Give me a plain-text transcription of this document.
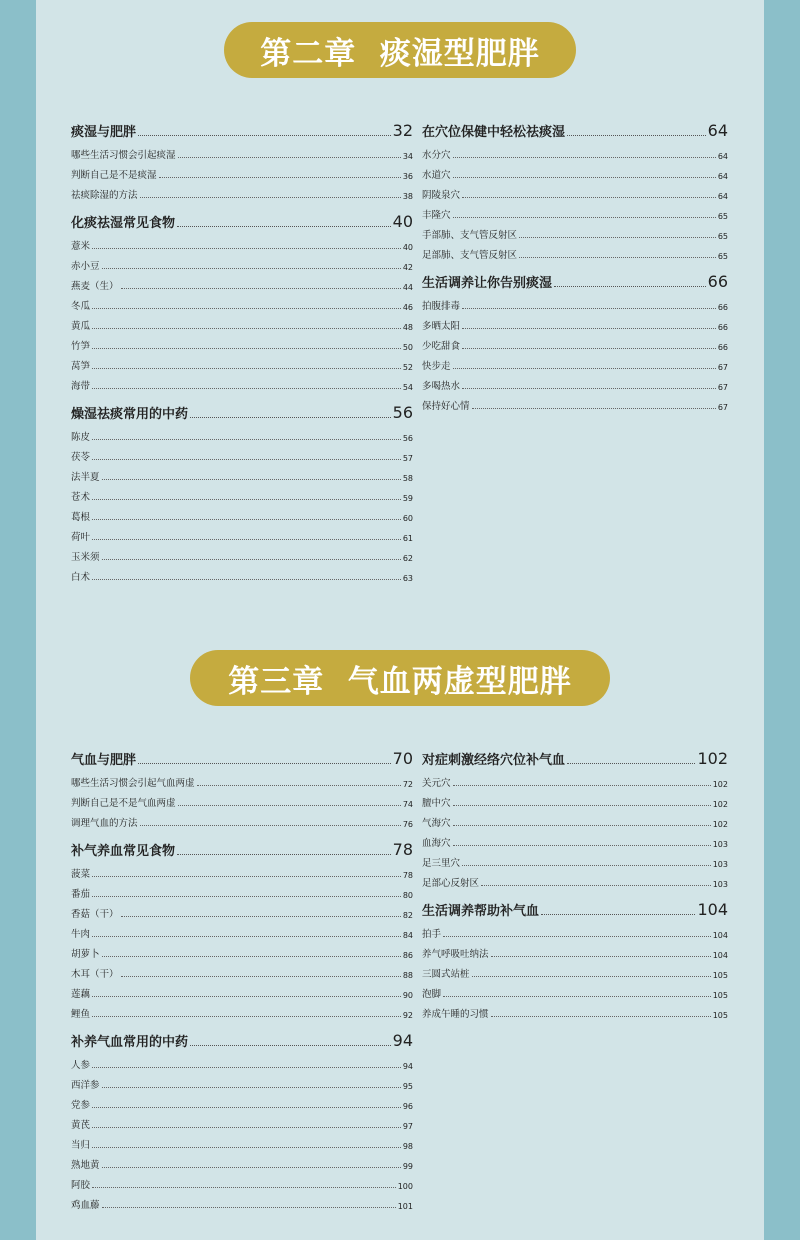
第二章  痰湿型肥胖
痰湿与肥胖	32
哪些生活习惯会引起痰湿	34
判断自己是不是痰湿	36
祛痰除湿的方法	38
化痰祛湿常见食物	40
薏米	40
赤小豆	42
燕麦（生）	44
冬瓜	46
黄瓜	48
竹笋	50
莴笋	52
海带	54
燥湿祛痰常用的中药	56
陈皮	56
茯苓	57
法半夏	58
苍术	59
葛根	60
荷叶	61
玉米须	62
白术	63
在穴位保健中轻松祛痰湿	64
水分穴	64
水道穴	64
阴陵泉穴	64
丰隆穴	65
手部肺、支气管反射区	65
足部肺、支气管反射区	65
生活调养让你告别痰湿	66
拍腹排毒	66
多晒太阳	66
少吃甜食	66
快步走	67
多喝热水	67
保持好心情	67
第三章  气血两虚型肥胖
气血与肥胖	70
哪些生活习惯会引起气血两虚	72
判断自己是不是气血两虚	74
调理气血的方法	76
补气养血常见食物	78
菠菜	78
番茄	80
香菇（干）	82
牛肉	84
胡萝卜	86
木耳（干）	88
莲藕	90
鲤鱼	92
补养气血常用的中药	94
人参	94
西洋参	95
党参	96
黄芪	97
当归	98
熟地黄	99
阿胶	100
鸡血藤	101
对症刺激经络穴位补气血	102
关元穴	102
膻中穴	102
气海穴	102
血海穴	103
足三里穴	103
足部心反射区	103
生活调养帮助补气血	104
拍手	104
养气呼吸吐纳法	104
三圆式站桩	105
泡脚	105
养成午睡的习惯	105
